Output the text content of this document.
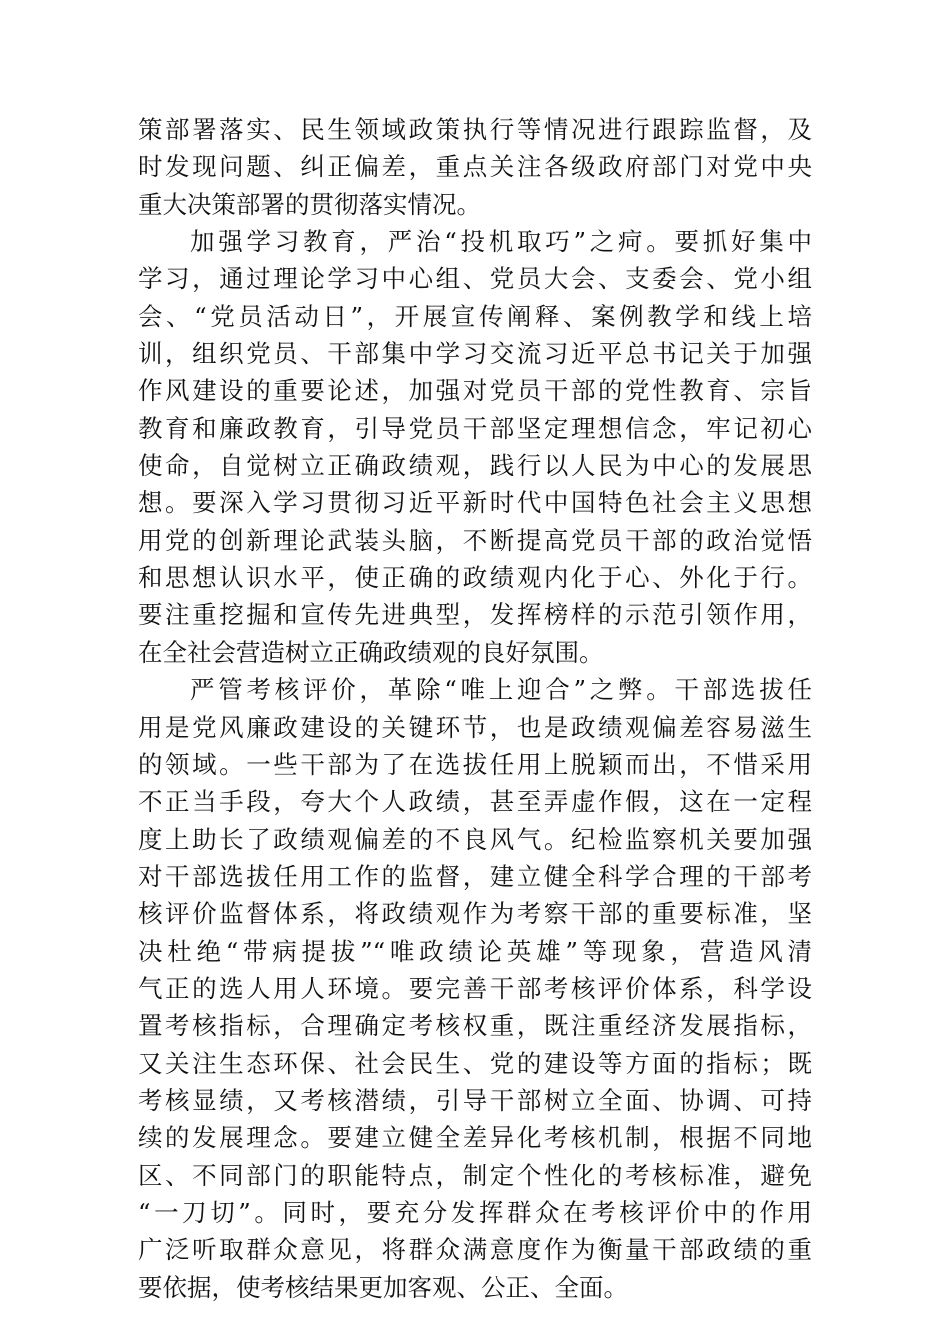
策部署落实、民生领域政策执行等情况进行跟踪监督，及
时发现问题、纠正偏差，重点关注各级政府部门对党中央
重大决策部署的贯彻落实情况。
加强学习教育，严治“投机取巧”之疴。要抓好集中
学习，通过理论学习中心组、党员大会、支委会、党小组
会、“党员活动日”，开展宣传阐释、案例教学和线上培
训，组织党员、干部集中学习交流习近平总书记关于加强
作风建设的重要论述，加强对党员干部的党性教育、宗旨
教育和廉政教育，引导党员干部坚定理想信念，牢记初心
使命，自觉树立正确政绩观，践行以人民为中心的发展思
想。要深入学习贯彻习近平新时代中国特色社会主义思想
用党的创新理论武装头脑，不断提高党员干部的政治觉悟
和思想认识水平，使正确的政绩观内化于心、外化于行。
要注重挖掘和宣传先进典型，发挥榜样的示范引领作用，
在全社会营造树立正确政绩观的良好氛围。
严管考核评价，革除“唯上迎合”之弊。干部选拔任
用是党风廉政建设的关键环节，也是政绩观偏差容易滋生
的领域。一些干部为了在选拔任用上脱颖而出，不惜采用
不正当手段，夸大个人政绩，甚至弄虚作假，这在一定程
度上助长了政绩观偏差的不良风气。纪检监察机关要加强
对干部选拔任用工作的监督，建立健全科学合理的干部考
核评价监督体系，将政绩观作为考察干部的重要标准，坚
决杜绝“带病提拔”“唯政绩论英雄”等现象，营造风清
气正的选人用人环境。要完善干部考核评价体系，科学设
置考核指标，合理确定考核权重，既注重经济发展指标，
又关注生态环保、社会民生、党的建设等方面的指标；既
考核显绩，又考核潜绩，引导干部树立全面、协调、可持
续的发展理念。要建立健全差异化考核机制，根据不同地
区、不同部门的职能特点，制定个性化的考核标准，避免
“一刀切”。同时，要充分发挥群众在考核评价中的作用
广泛听取群众意见，将群众满意度作为衡量干部政绩的重
要依据，使考核结果更加客观、公正、全面。
